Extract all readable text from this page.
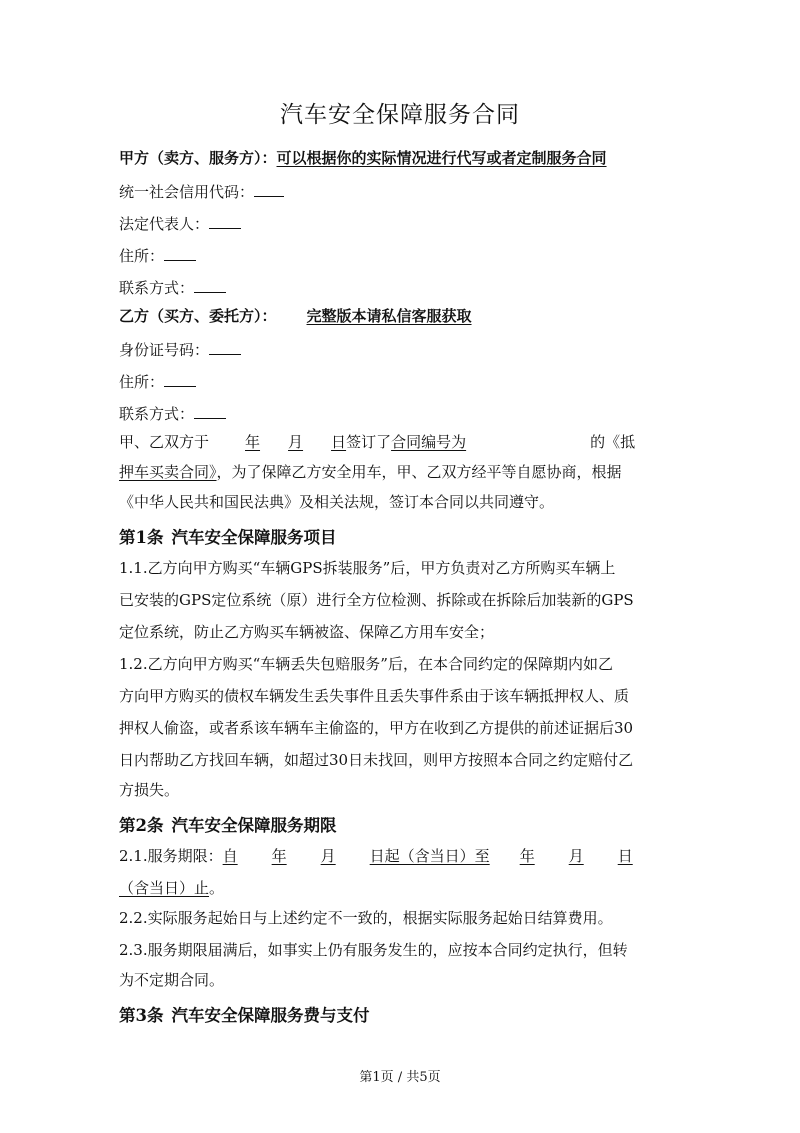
汽车安全保障服务合同
甲方（卖方、服务方）：可以根据你的实际情况进行代写或者定制服务合同
统一社会信用代码：
法定代表人：
住所：
联系方式：
乙方（买方、委托方）： 完整版本请私信客服获取
身份证号码：
住所：
联系方式：
甲、乙双方于 年 月 日签订了合同编号为	的《抵
押车买卖合同》，为了保障乙方安全用车，甲、乙双方经平等自愿协商，根据
《中华人民共和国民法典》及相关法规，签订本合同以共同遵守。
第1条 汽车安全保障服务项目
1.1.乙方向甲方购买“车辆GPS拆装服务”后，甲方负责对乙方所购买车辆上
已安装的GPS定位系统（原）进行全方位检测、拆除或在拆除后加装新的GPS
定位系统，防止乙方购买车辆被盗、保障乙方用车安全；
1.2.乙方向甲方购买“车辆丢失包赔服务”后，在本合同约定的保障期内如乙
方向甲方购买的债权车辆发生丢失事件且丢失事件系由于该车辆抵押权人、质
押权人偷盗，或者系该车辆车主偷盗的，甲方在收到乙方提供的前述证据后30
日内帮助乙方找回车辆，如超过30日未找回，则甲方按照本合同之约定赔付乙
方损失。
第2条 汽车安全保障服务期限
2.1.服务期限：自 年 月 日起（含当日）至 年 月 日
（含当日）止。
2.2.实际服务起始日与上述约定不一致的，根据实际服务起始日结算费用。
2.3.服务期限届满后，如事实上仍有服务发生的，应按本合同约定执行，但转
为不定期合同。
第3条 汽车安全保障服务费与支付
第1页 / 共5页
